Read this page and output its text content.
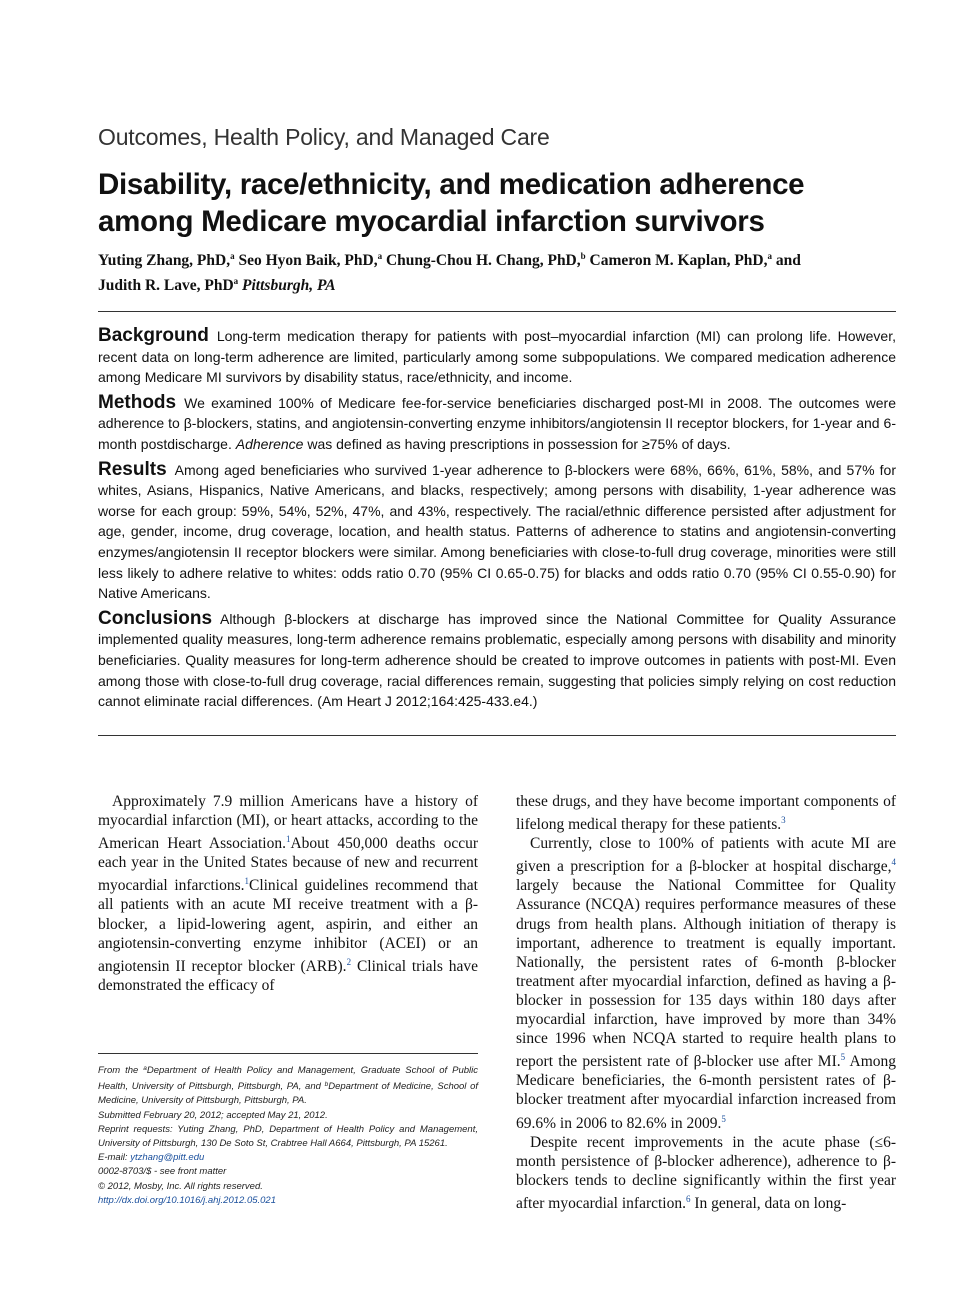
Outcomes, Health Policy, and Managed Care
Disability, race/ethnicity, and medication adherence among Medicare myocardial infarction survivors
Yuting Zhang, PhD,$^a$ Seo Hyon Baik, PhD,$^a$ Chung-Chou H. Chang, PhD,$^b$ Cameron M. Kaplan, PhD,$^a$ and
Judith R. Lave, PhD$^a$ Pittsburgh, PA

Background Long-term medication therapy for patients with post–myocardial infarction (MI) can prolong life. However, recent data on long-term adherence are limited, particularly among some subpopulations. We compared medication adherence among Medicare MI survivors by disability status, race/ethnicity, and income.

Methods We examined 100% of Medicare fee-for-service beneficiaries discharged post-MI in 2008. The outcomes were adherence to β-blockers, statins, and angiotensin-converting enzyme inhibitors/angiotensin II receptor blockers, for 1-year and 6-month postdischarge. Adherence was defined as having prescriptions in possession for ≥75% of days.

Results Among aged beneficiaries who survived 1-year adherence to β-blockers were 68%, 66%, 61%, 58%, and 57% for whites, Asians, Hispanics, Native Americans, and blacks, respectively; among persons with disability, 1-year adherence was worse for each group: 59%, 54%, 52%, 47%, and 43%, respectively. The racial/ethnic difference persisted after adjustment for age, gender, income, drug coverage, location, and health status. Patterns of adherence to statins and angiotensin-converting enzymes/angiotensin II receptor blockers were similar. Among beneficiaries with close-to-full drug coverage, minorities were still less likely to adhere relative to whites: odds ratio 0.70 (95% CI 0.65-0.75) for blacks and odds ratio 0.70 (95% CI 0.55-0.90) for Native Americans.

Conclusions Although β-blockers at discharge has improved since the National Committee for Quality Assurance implemented quality measures, long-term adherence remains problematic, especially among persons with disability and minority beneficiaries. Quality measures for long-term adherence should be created to improve outcomes in patients with post-MI. Even among those with close-to-full drug coverage, racial differences remain, suggesting that policies simply relying on cost reduction cannot eliminate racial differences. (Am Heart J 2012;164:425-433.e4.)

Approximately 7.9 million Americans have a history of myocardial infarction (MI), or heart attacks, according to the American Heart Association.$^1$About 450,000 deaths occur each year in the United States because of new and recurrent myocardial infarctions.$^1$Clinical guidelines recommend that all patients with an acute MI receive treatment with a β-blocker, a lipid-lowering agent, aspirin, and either an angiotensin-converting enzyme inhibitor (ACEI) or an angiotensin II receptor blocker (ARB).$^2$ Clinical trials have demonstrated the efficacy of

From the $^a$Department of Health Policy and Management, Graduate School of Public Health, University of Pittsburgh, Pittsburgh, PA, and $^b$Department of Medicine, School of Medicine, University of Pittsburgh, Pittsburgh, PA.

Submitted February 20, 2012; accepted May 21, 2012.

Reprint requests: Yuting Zhang, PhD, Department of Health Policy and Management, University of Pittsburgh, 130 De Soto St, Crabtree Hall A664, Pittsburgh, PA 15261.

E-mail: ytzhang@pitt.edu

0002-8703/$ - see front matter

© 2012, Mosby, Inc. All rights reserved.

http://dx.doi.org/10.1016/j.ahj.2012.05.021

these drugs, and they have become important components of lifelong medical therapy for these patients.$^3$

Currently, close to 100% of patients with acute MI are given a prescription for a β-blocker at hospital discharge,$^4$ largely because the National Committee for Quality Assurance (NCQA) requires performance measures of these drugs from health plans. Although initiation of therapy is important, adherence to treatment is equally important. Nationally, the persistent rates of 6-month β-blocker treatment after myocardial infarction, defined as having a β-blocker in possession for 135 days within 180 days after myocardial infarction, have improved by more than 34% since 1996 when NCQA started to require health plans to report the persistent rate of β-blocker use after MI.$^5$ Among Medicare beneficiaries, the 6-month persistent rates of β-blocker treatment after myocardial infarction increased from 69.6% in 2006 to 82.6% in 2009.$^5$

Despite recent improvements in the acute phase (≤6-month persistence of β-blocker adherence), adherence to β-blockers tends to decline significantly within the first year after myocardial infarction.$^6$ In general, data on long-
